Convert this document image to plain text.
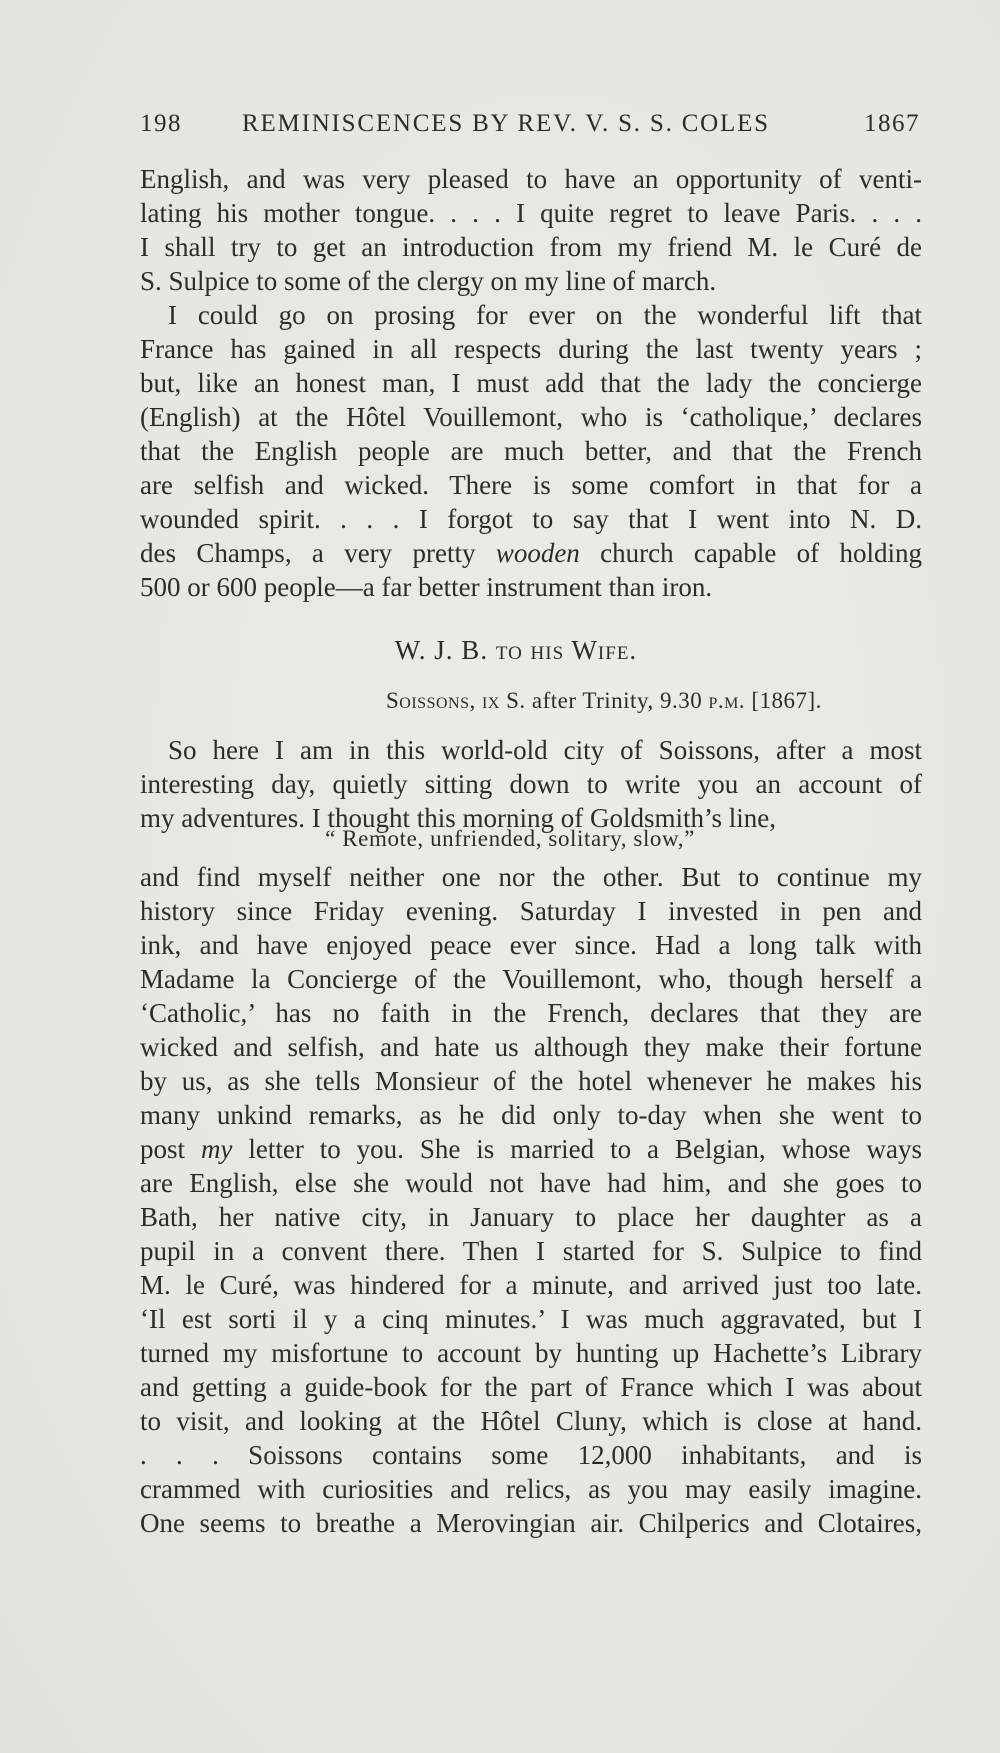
198 REMINISCENCES BY REV. V. S. S. COLES	1867
English, and was very pleased to have an opportunity of venti-
lating his mother tongue. . . . I quite regret to leave Paris. . . .
I shall try to get an introduction from my friend M. le Curé de
S. Sulpice to some of the clergy on my line of march.
I could go on prosing for ever on the wonderful lift that
France has gained in all respects during the last twenty years ;
but, like an honest man, I must add that the lady the concierge
(English) at the Hôtel Vouillemont, who is ‘catholique,’ declares
that the English people are much better, and that the French
are selfish and wicked. There is some comfort in that for a
wounded spirit. . . . I forgot to say that I went into N. D.
des Champs, a very pretty wooden church capable of holding
500 or 600 people—a far better instrument than iron.
W. J. B. to his Wife.
Soissons, ix S. after Trinity, 9.30 p.m. [1867].
So here I am in this world-old city of Soissons, after a most
interesting day, quietly sitting down to write you an account of
my adventures. I thought this morning of Goldsmith’s line,
“ Remote, unfriended, solitary, slow,”
and find myself neither one nor the other. But to continue my
history since Friday evening. Saturday I invested in pen and
ink, and have enjoyed peace ever since. Had a long talk with
Madame la Concierge of the Vouillemont, who, though herself a
‘Catholic,’ has no faith in the French, declares that they are
wicked and selfish, and hate us although they make their fortune
by us, as she tells Monsieur of the hotel whenever he makes his
many unkind remarks, as he did only to-day when she went to
post my letter to you. She is married to a Belgian, whose ways
are English, else she would not have had him, and she goes to
Bath, her native city, in January to place her daughter as a
pupil in a convent there. Then I started for S. Sulpice to find
M. le Curé, was hindered for a minute, and arrived just too late.
‘Il est sorti il y a cinq minutes.’ I was much aggravated, but I
turned my misfortune to account by hunting up Hachette’s Library
and getting a guide-book for the part of France which I was about
to visit, and looking at the Hôtel Cluny, which is close at hand.
. . . Soissons contains some 12,000 inhabitants, and is
crammed with curiosities and relics, as you may easily imagine.
One seems to breathe a Merovingian air. Chilperics and Clotaires,
